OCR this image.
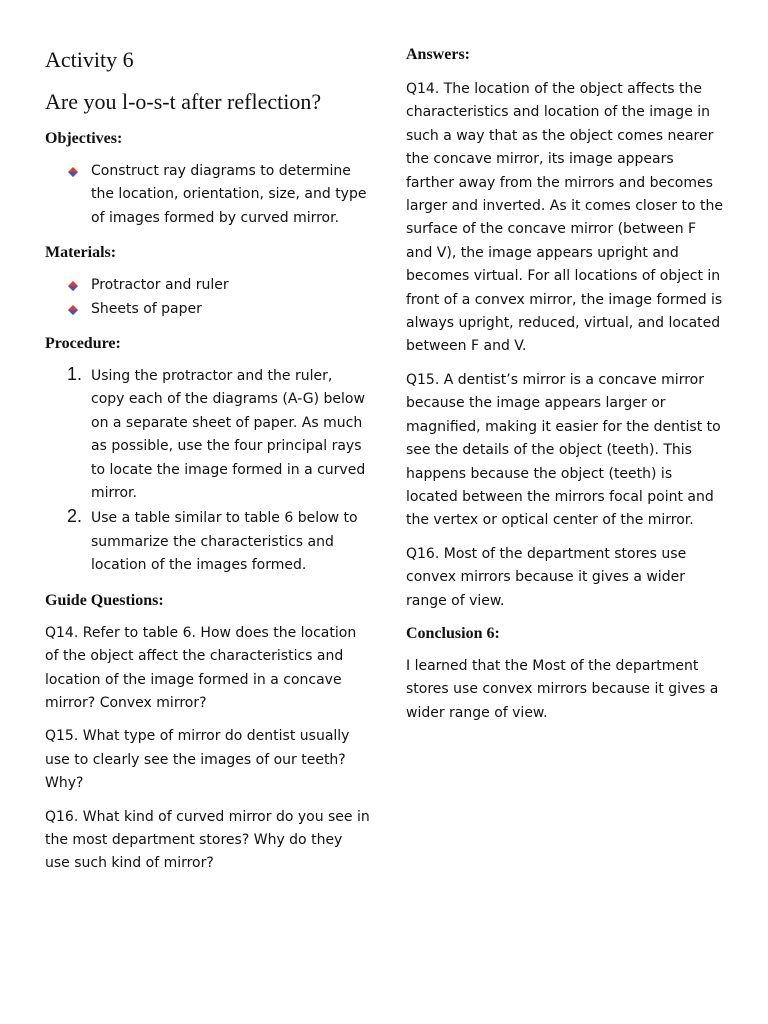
Activity 6
Are you l-o-s-t after reflection?
Objectives:
Construct ray diagrams to determine the location, orientation, size, and type of images formed by curved mirror.
Materials:
Protractor and ruler
Sheets of paper
Procedure:
1. Using the protractor and the ruler, copy each of the diagrams (A-G) below on a separate sheet of paper. As much as possible, use the four principal rays to locate the image formed in a curved mirror.
2. Use a table similar to table 6 below to summarize the characteristics and location of the images formed.
Guide Questions:

Q14. Refer to table 6. How does the location of the object affect the characteristics and location of the image formed in a concave mirror? Convex mirror?

Q15. What type of mirror do dentist usually use to clearly see the images of our teeth? Why?

Q16. What kind of curved mirror do you see in the most department stores? Why do they use such kind of mirror?

Answers:

Q14. The location of the object affects the characteristics and location of the image in such a way that as the object comes nearer the concave mirror, its image appears farther away from the mirrors and becomes larger and inverted. As it comes closer to the surface of the concave mirror (between F and V), the image appears upright and becomes virtual. For all locations of object in front of a convex mirror, the image formed is always upright, reduced, virtual, and located between F and V.

Q15. A dentist’s mirror is a concave mirror because the image appears larger or magnified, making it easier for the dentist to see the details of the object (teeth). This happens because the object (teeth) is located between the mirrors focal point and the vertex or optical center of the mirror.

Q16. Most of the department stores use convex mirrors because it gives a wider range of view.

Conclusion 6:

I learned that the Most of the department stores use convex mirrors because it gives a wider range of view.
